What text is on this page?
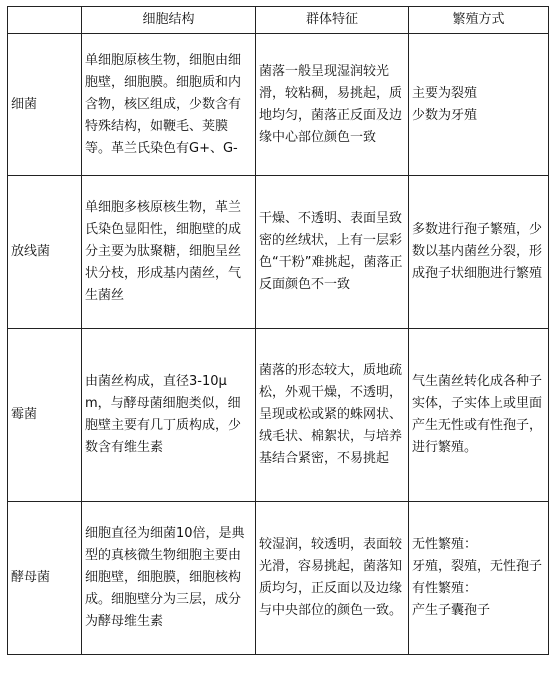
	细胞结构	群体特征	繁殖方式
细菌	单细胞原核生物，细胞由细胞壁，细胞膜。细胞质和内含物，核区组成，少数含有特殊结构，如鞭毛、荚膜等。革兰氏染色有G+、G-	菌落一般呈现湿润较光滑，较粘稠，易挑起，质地均匀，菌落正反面及边缘中心部位颜色一致	主要为裂殖
少数为牙殖
放线菌	单细胞多核原核生物，革兰氏染色显阳性，细胞壁的成分主要为肽聚糖，细胞呈丝状分枝，形成基内菌丝，气生菌丝	干燥、不透明、表面呈致密的丝绒状，上有一层彩色“干粉”难挑起，菌落正反面颜色不一致	多数进行孢子繁殖，少数以基内菌丝分裂，形成孢子状细胞进行繁殖
霉菌	由菌丝构成，直径3-10μm，与酵母菌细胞类似，细胞壁主要有几丁质构成，少数含有维生素	菌落的形态较大，质地疏松，外观干燥，不透明，呈现或松或紧的蛛网状、绒毛状、棉絮状，与培养基结合紧密，不易挑起	气生菌丝转化成各种子实体，子实体上或里面产生无性或有性孢子，进行繁殖。
酵母菌	细胞直径为细菌10倍，是典型的真核微生物细胞主要由细胞壁，细胞膜，细胞核构成。细胞壁分为三层，成分为酵母维生素	较湿润，较透明，表面较光滑，容易挑起，菌落知质均匀，正反面以及边缘与中央部位的颜色一致。	无性繁殖：
牙殖，裂殖，无性孢子
有性繁殖：
产生子囊孢子
